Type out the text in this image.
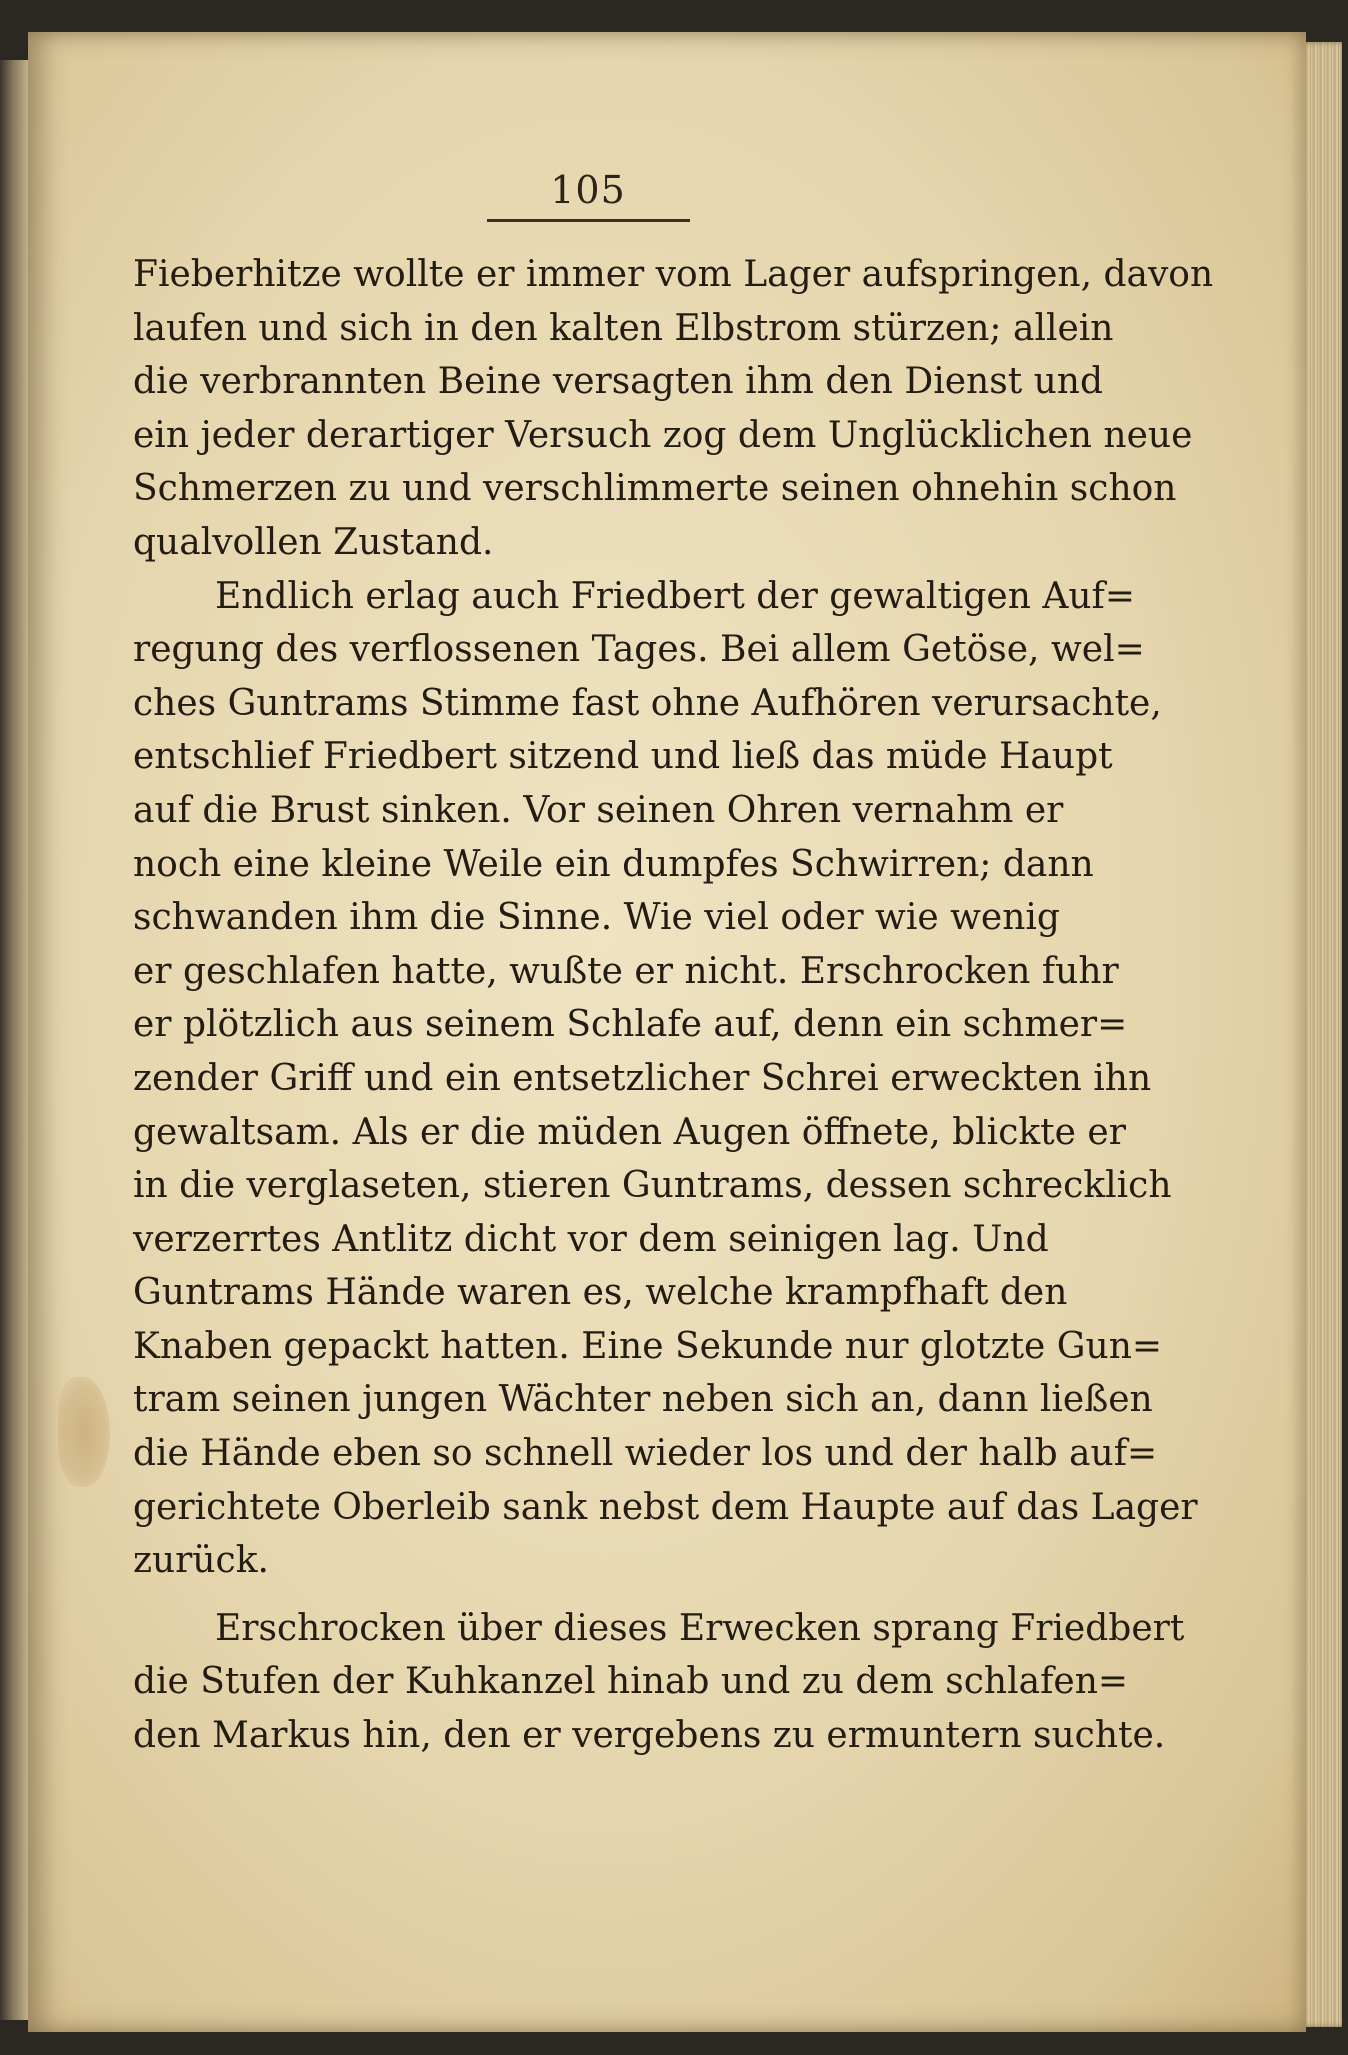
105
Fieberhitze wollte er immer vom Lager aufspringen, davon
laufen und sich in den kalten Elbstrom stürzen; allein
die verbrannten Beine versagten ihm den Dienst und
ein jeder derartiger Versuch zog dem Unglücklichen neue
Schmerzen zu und verschlimmerte seinen ohnehin schon
qualvollen Zustand.
Endlich erlag auch Friedbert der gewaltigen Auf=
regung des verflossenen Tages. Bei allem Getöse, wel=
ches Guntrams Stimme fast ohne Aufhören verursachte,
entschlief Friedbert sitzend und ließ das müde Haupt
auf die Brust sinken. Vor seinen Ohren vernahm er
noch eine kleine Weile ein dumpfes Schwirren; dann
schwanden ihm die Sinne. Wie viel oder wie wenig
er geschlafen hatte, wußte er nicht. Erschrocken fuhr
er plötzlich aus seinem Schlafe auf, denn ein schmer=
zender Griff und ein entsetzlicher Schrei erweckten ihn
gewaltsam. Als er die müden Augen öffnete, blickte er
in die verglaseten, stieren Guntrams, dessen schrecklich
verzerrtes Antlitz dicht vor dem seinigen lag. Und
Guntrams Hände waren es, welche krampfhaft den
Knaben gepackt hatten. Eine Sekunde nur glotzte Gun=
tram seinen jungen Wächter neben sich an, dann ließen
die Hände eben so schnell wieder los und der halb auf=
gerichtete Oberleib sank nebst dem Haupte auf das Lager
zurück.
Erschrocken über dieses Erwecken sprang Friedbert
die Stufen der Kuhkanzel hinab und zu dem schlafen=
den Markus hin, den er vergebens zu ermuntern suchte.
